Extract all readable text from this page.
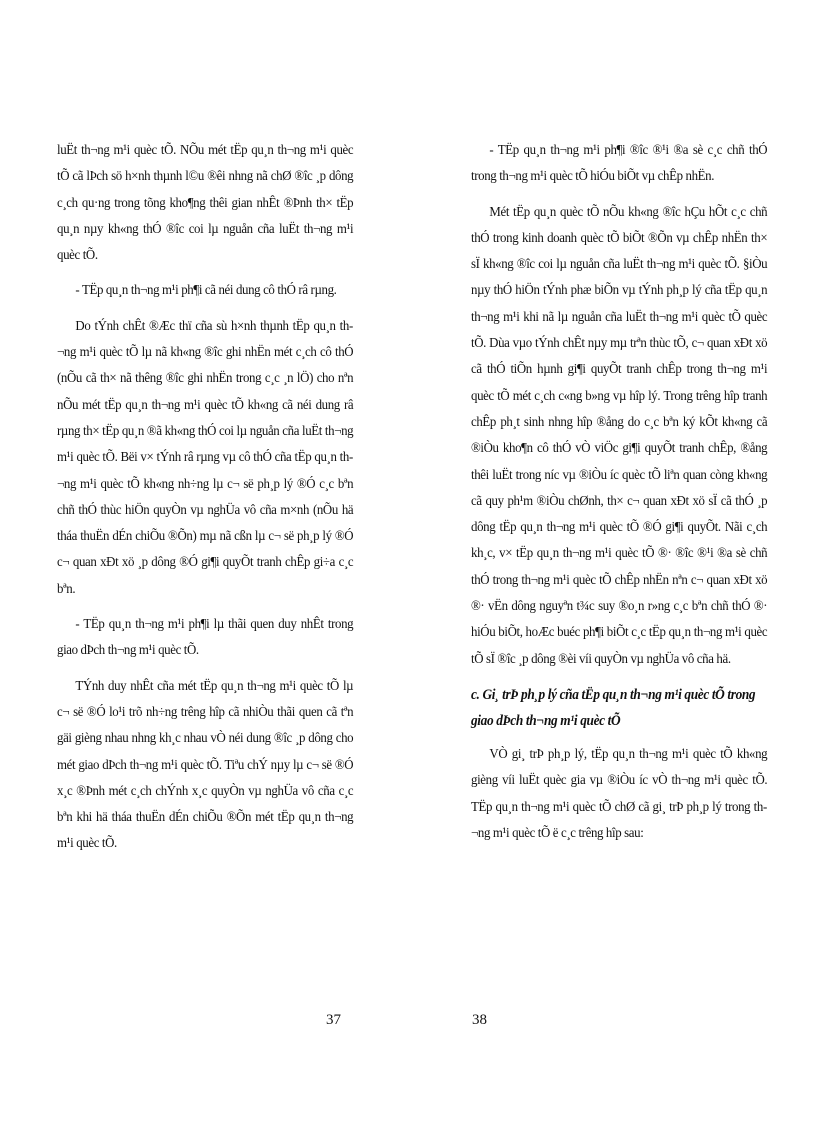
luËt th¬ng m¹i quèc tÕ. NÕu mét tËp qu¸n th¬ng m¹i quèc tÕ cã lÞch sö h×nh thµnh l©u ®êi nhng nã chØ ®îc ¸p dông c¸ch qu·ng trong tõng kho¶ng thêi gian nhÊt ®Þnh th× tËp qu¸n nµy kh«ng thÓ ®îc coi lµ nguån cña luËt th¬ng m¹i quèc tÕ.

- TËp qu¸n th¬ng m¹i ph¶i cã néi dung cô thÓ râ rµng.

Do tÝnh chÊt ®Æc thï cña sù h×nh thµnh tËp qu¸n th¬ng m¹i quèc tÕ lµ nã kh«ng ®îc ghi nhËn mét c¸ch cô thÓ (nÕu cã th× nã thêng ®îc ghi nhËn trong c¸c ¸n lÖ) cho nªn nÕu mét tËp qu¸n th¬ng m¹i quèc tÕ kh«ng cã néi dung râ rµng th× tËp qu¸n ®ã kh«ng thÓ coi lµ nguån cña luËt th¬ng m¹i quèc tÕ. Bëi v× tÝnh râ rµng vµ cô thÓ cña tËp qu¸n th¬ng m¹i quèc tÕ kh«ng nh÷ng lµ c¬ së ph¸p lý ®Ó c¸c bªn chñ thÓ thùc hiÖn quyÒn vµ nghÜa vô cña m×nh (nÕu hä tháa thuËn dÉn chiÕu ®Õn) mµ nã cßn lµ c¬ së ph¸p lý ®Ó c¬ quan xÐt xö ¸p dông ®Ó gi¶i quyÕt tranh chÊp gi÷a c¸c bªn.

- TËp qu¸n th¬ng m¹i ph¶i lµ thãi quen duy nhÊt trong giao dÞch th¬ng m¹i quèc tÕ.

TÝnh duy nhÊt cña mét tËp qu¸n th¬ng m¹i quèc tÕ lµ c¬ së ®Ó lo¹i trõ nh÷ng trêng hîp cã nhiÒu thãi quen cã tªn gäi gièng nhau nhng kh¸c nhau vÒ néi dung ®îc ¸p dông cho mét giao dÞch th¬ng m¹i quèc tÕ. Tiªu chÝ nµy lµ c¬ së ®Ó x¸c ®Þnh mét c¸ch chÝnh x¸c quyÒn vµ nghÜa vô cña c¸c bªn khi hä tháa thuËn dÉn chiÕu ®Õn mét tËp qu¸n th¬ng m¹i quèc tÕ.

- TËp qu¸n th¬ng m¹i ph¶i ®îc ®¹i ®a sè c¸c chñ thÓ trong th¬ng m¹i quèc tÕ hiÓu biÕt vµ chÊp nhËn.

Mét tËp qu¸n quèc tÕ nÕu kh«ng ®îc hÇu hÕt c¸c chñ thÓ trong kinh doanh quèc tÕ biÕt ®Õn vµ chÊp nhËn th× sÏ kh«ng ®îc coi lµ nguån cña luËt th¬ng m¹i quèc tÕ. §iÒu nµy thÓ hiÖn tÝnh phæ biÕn vµ tÝnh ph¸p lý cña tËp qu¸n th¬ng m¹i khi nã lµ nguån cña luËt th¬ng m¹i quèc tÕ quèc tÕ. Dùa vµo tÝnh chÊt nµy mµ trªn thùc tÕ, c¬ quan xÐt xö cã thÓ tiÕn hµnh gi¶i quyÕt tranh chÊp trong th¬ng m¹i quèc tÕ mét c¸ch c«ng b»ng vµ hîp lý. Trong trêng hîp tranh chÊp ph¸t sinh nhng hîp ®ång do c¸c bªn ký kÕt kh«ng cã ®iÒu kho¶n cô thÓ vÒ viÖc gi¶i quyÕt tranh chÊp, ®ång thêi luËt trong níc vµ ®iÒu íc quèc tÕ liªn quan còng kh«ng cã quy ph¹m ®iÒu chØnh, th× c¬ quan xÐt xö sÏ cã thÓ ¸p dông tËp qu¸n th¬ng m¹i quèc tÕ ®Ó gi¶i quyÕt. Nãi c¸ch kh¸c, v× tËp qu¸n th¬ng m¹i quèc tÕ ®· ®îc ®¹i ®a sè chñ thÓ trong th¬ng m¹i quèc tÕ chÊp nhËn nªn c¬ quan xÐt xö ®· vËn dông nguyªn t¾c suy ®o¸n r»ng c¸c bªn chñ thÓ ®· hiÓu biÕt, hoÆc buéc ph¶i biÕt c¸c tËp qu¸n th¬ng m¹i quèc tÕ sÏ ®îc ¸p dông ®èi víi quyÒn vµ nghÜa vô cña hä.

c. Gi¸ trÞ ph¸p lý cña tËp qu¸n th¬ng m¹i quèc tÕ trong giao dÞch th¬ng m¹i quèc tÕ

VÒ gi¸ trÞ ph¸p lý, tËp qu¸n th¬ng m¹i quèc tÕ kh«ng gièng víi luËt quèc gia vµ ®iÒu íc vÒ th¬ng m¹i quèc tÕ. TËp qu¸n th¬ng m¹i quèc tÕ chØ cã gi¸ trÞ ph¸p lý trong th¬ng m¹i quèc tÕ ë c¸c trêng hîp sau:

37	38
